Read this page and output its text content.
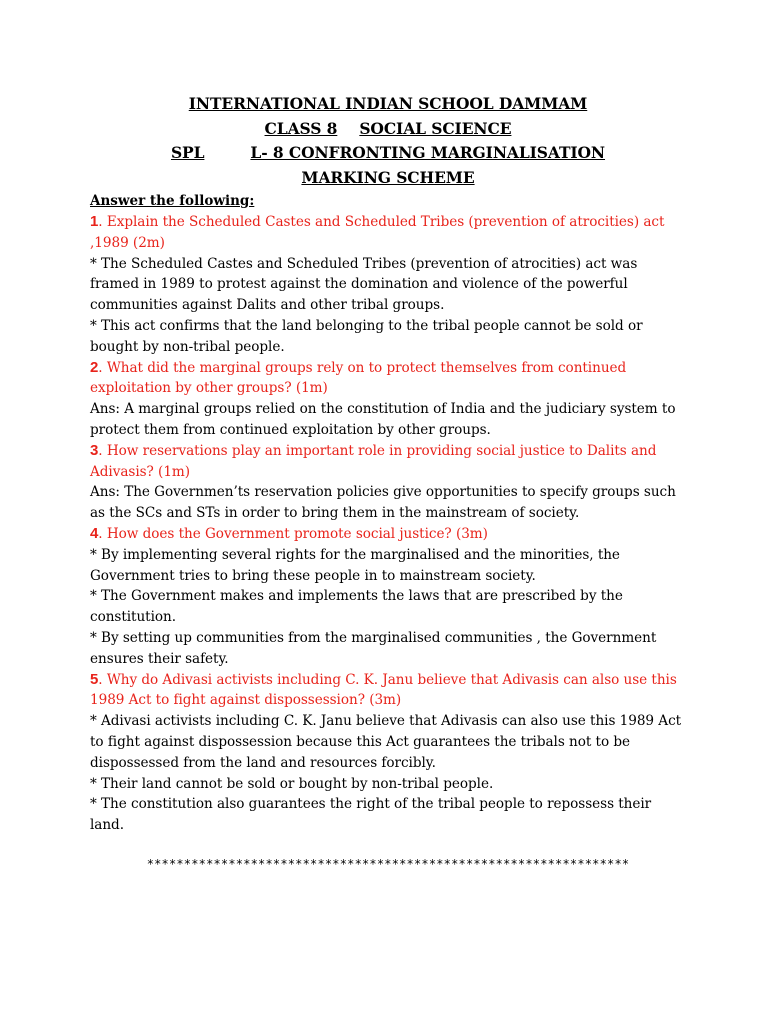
INTERNATIONAL INDIAN SCHOOL DAMMAM
CLASS 8 SOCIAL SCIENCE
SPL	L- 8 CONFRONTING MARGINALISATION
MARKING SCHEME
Answer the following:

1. Explain the Scheduled Castes and Scheduled Tribes (prevention of atrocities) act ,1989 (2m)

* The Scheduled Castes and Scheduled Tribes (prevention of atrocities) act was framed in 1989 to protest against the domination and violence of the powerful communities against Dalits and other tribal groups.

* This act confirms that the land belonging to the tribal people cannot be sold or bought by non-tribal people.

2. What did the marginal groups rely on to protect themselves from continued exploitation by other groups? (1m)

Ans: A marginal groups relied on the constitution of India and the judiciary system to protect them from continued exploitation by other groups.

3. How reservations play an important role in providing social justice to Dalits and Adivasis? (1m)

Ans: The Governmen’ts reservation policies give opportunities to specify groups such as the SCs and STs in order to bring them in the mainstream of society.

4. How does the Government promote social justice? (3m)

* By implementing several rights for the marginalised and the minorities, the Government tries to bring these people in to mainstream society.

* The Government makes and implements the laws that are prescribed by the constitution.

* By setting up communities from the marginalised communities , the Government ensures their safety.

5. Why do Adivasi activists including C. K. Janu believe that Adivasis can also use this 1989 Act to fight against dispossession? (3m)

* Adivasi activists including C. K. Janu believe that Adivasis can also use this 1989 Act to fight against dispossession because this Act guarantees the tribals not to be dispossessed from the land and resources forcibly.

* Their land cannot be sold or bought by non-tribal people.

* The constitution also guarantees the right of the tribal people to repossess their land.

*****************************************************************
